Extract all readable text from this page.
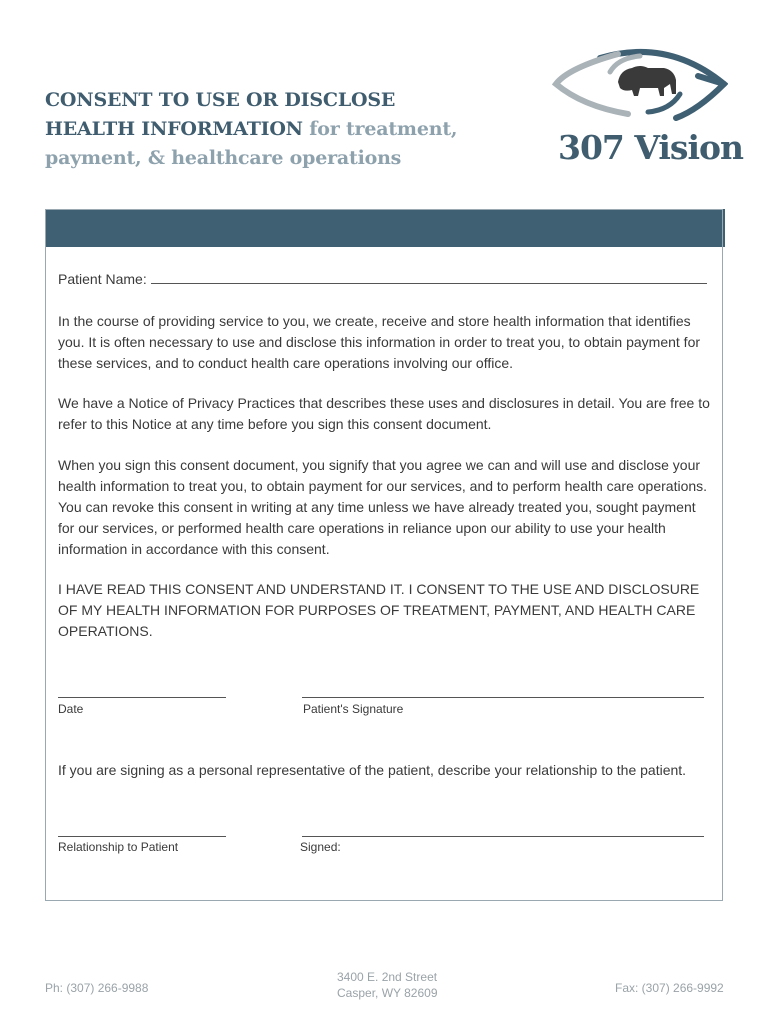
CONSENT TO USE OR DISCLOSE
HEALTH INFORMATION for treatment,
payment, & healthcare operations	307 Vision
Patient Name:
In the course of providing service to you, we create, receive and store health information that identifies you. It is often necessary to use and disclose this information in order to treat you, to obtain payment for these services, and to conduct health care operations involving our office.
We have a Notice of Privacy Practices that describes these uses and disclosures in detail. You are free to refer to this Notice at any time before you sign this consent document.
When you sign this consent document, you signify that you agree we can and will use and disclose your health information to treat you, to obtain payment for our services, and to perform health care operations. You can revoke this consent in writing at any time unless we have already treated you, sought payment for our services, or performed health care operations in reliance upon our ability to use your health information in accordance with this consent.
I HAVE READ THIS CONSENT AND UNDERSTAND IT. I CONSENT TO THE USE AND DISCLOSURE OF MY HEALTH INFORMATION FOR PURPOSES OF TREATMENT, PAYMENT, AND HEALTH CARE OPERATIONS.
Date	Patient's Signature
If you are signing as a personal representative of the patient, describe your relationship to the patient.
Relationship to Patient	Signed:
Ph: (307) 266-9988
3400 E. 2nd Street
Casper, WY 82609	Fax: (307) 266-9992
